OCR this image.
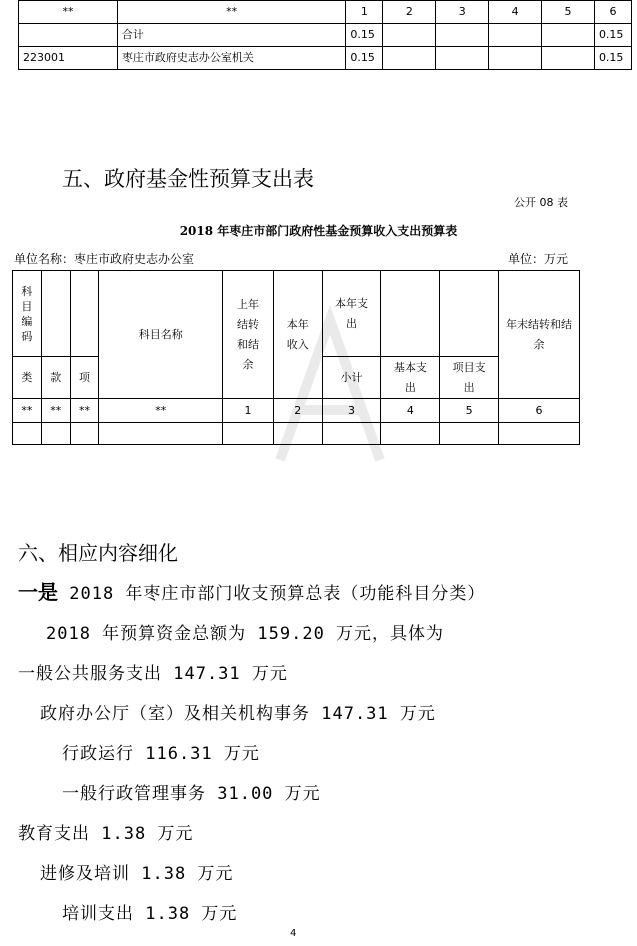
**	**	1	2	3	4	5	6
	合计	0.15					0.15
223001	枣庄市政府史志办公室机关	0.15					0.15
五、政府基金性预算支出表
公开 08 表
2018 年枣庄市部门政府性基金预算收入支出预算表
单位名称：枣庄市政府史志办公室	单位：万元
科目编码			科目名称	上年结转和结余	本年收入	本年支出			年末结转和结余
类	款	项				小计	基本支出	项目支出	
**	**	**	**	1	2	3	4	5	6

六、相应内容细化
一是 2018 年枣庄市部门收支预算总表（功能科目分类）
2018 年预算资金总额为 159.20 万元，具体为
一般公共服务支出 147.31 万元
政府办公厅（室）及相关机构事务 147.31 万元
行政运行 116.31 万元
一般行政管理事务 31.00 万元
教育支出 1.38 万元
进修及培训 1.38 万元
培训支出 1.38 万元
4
